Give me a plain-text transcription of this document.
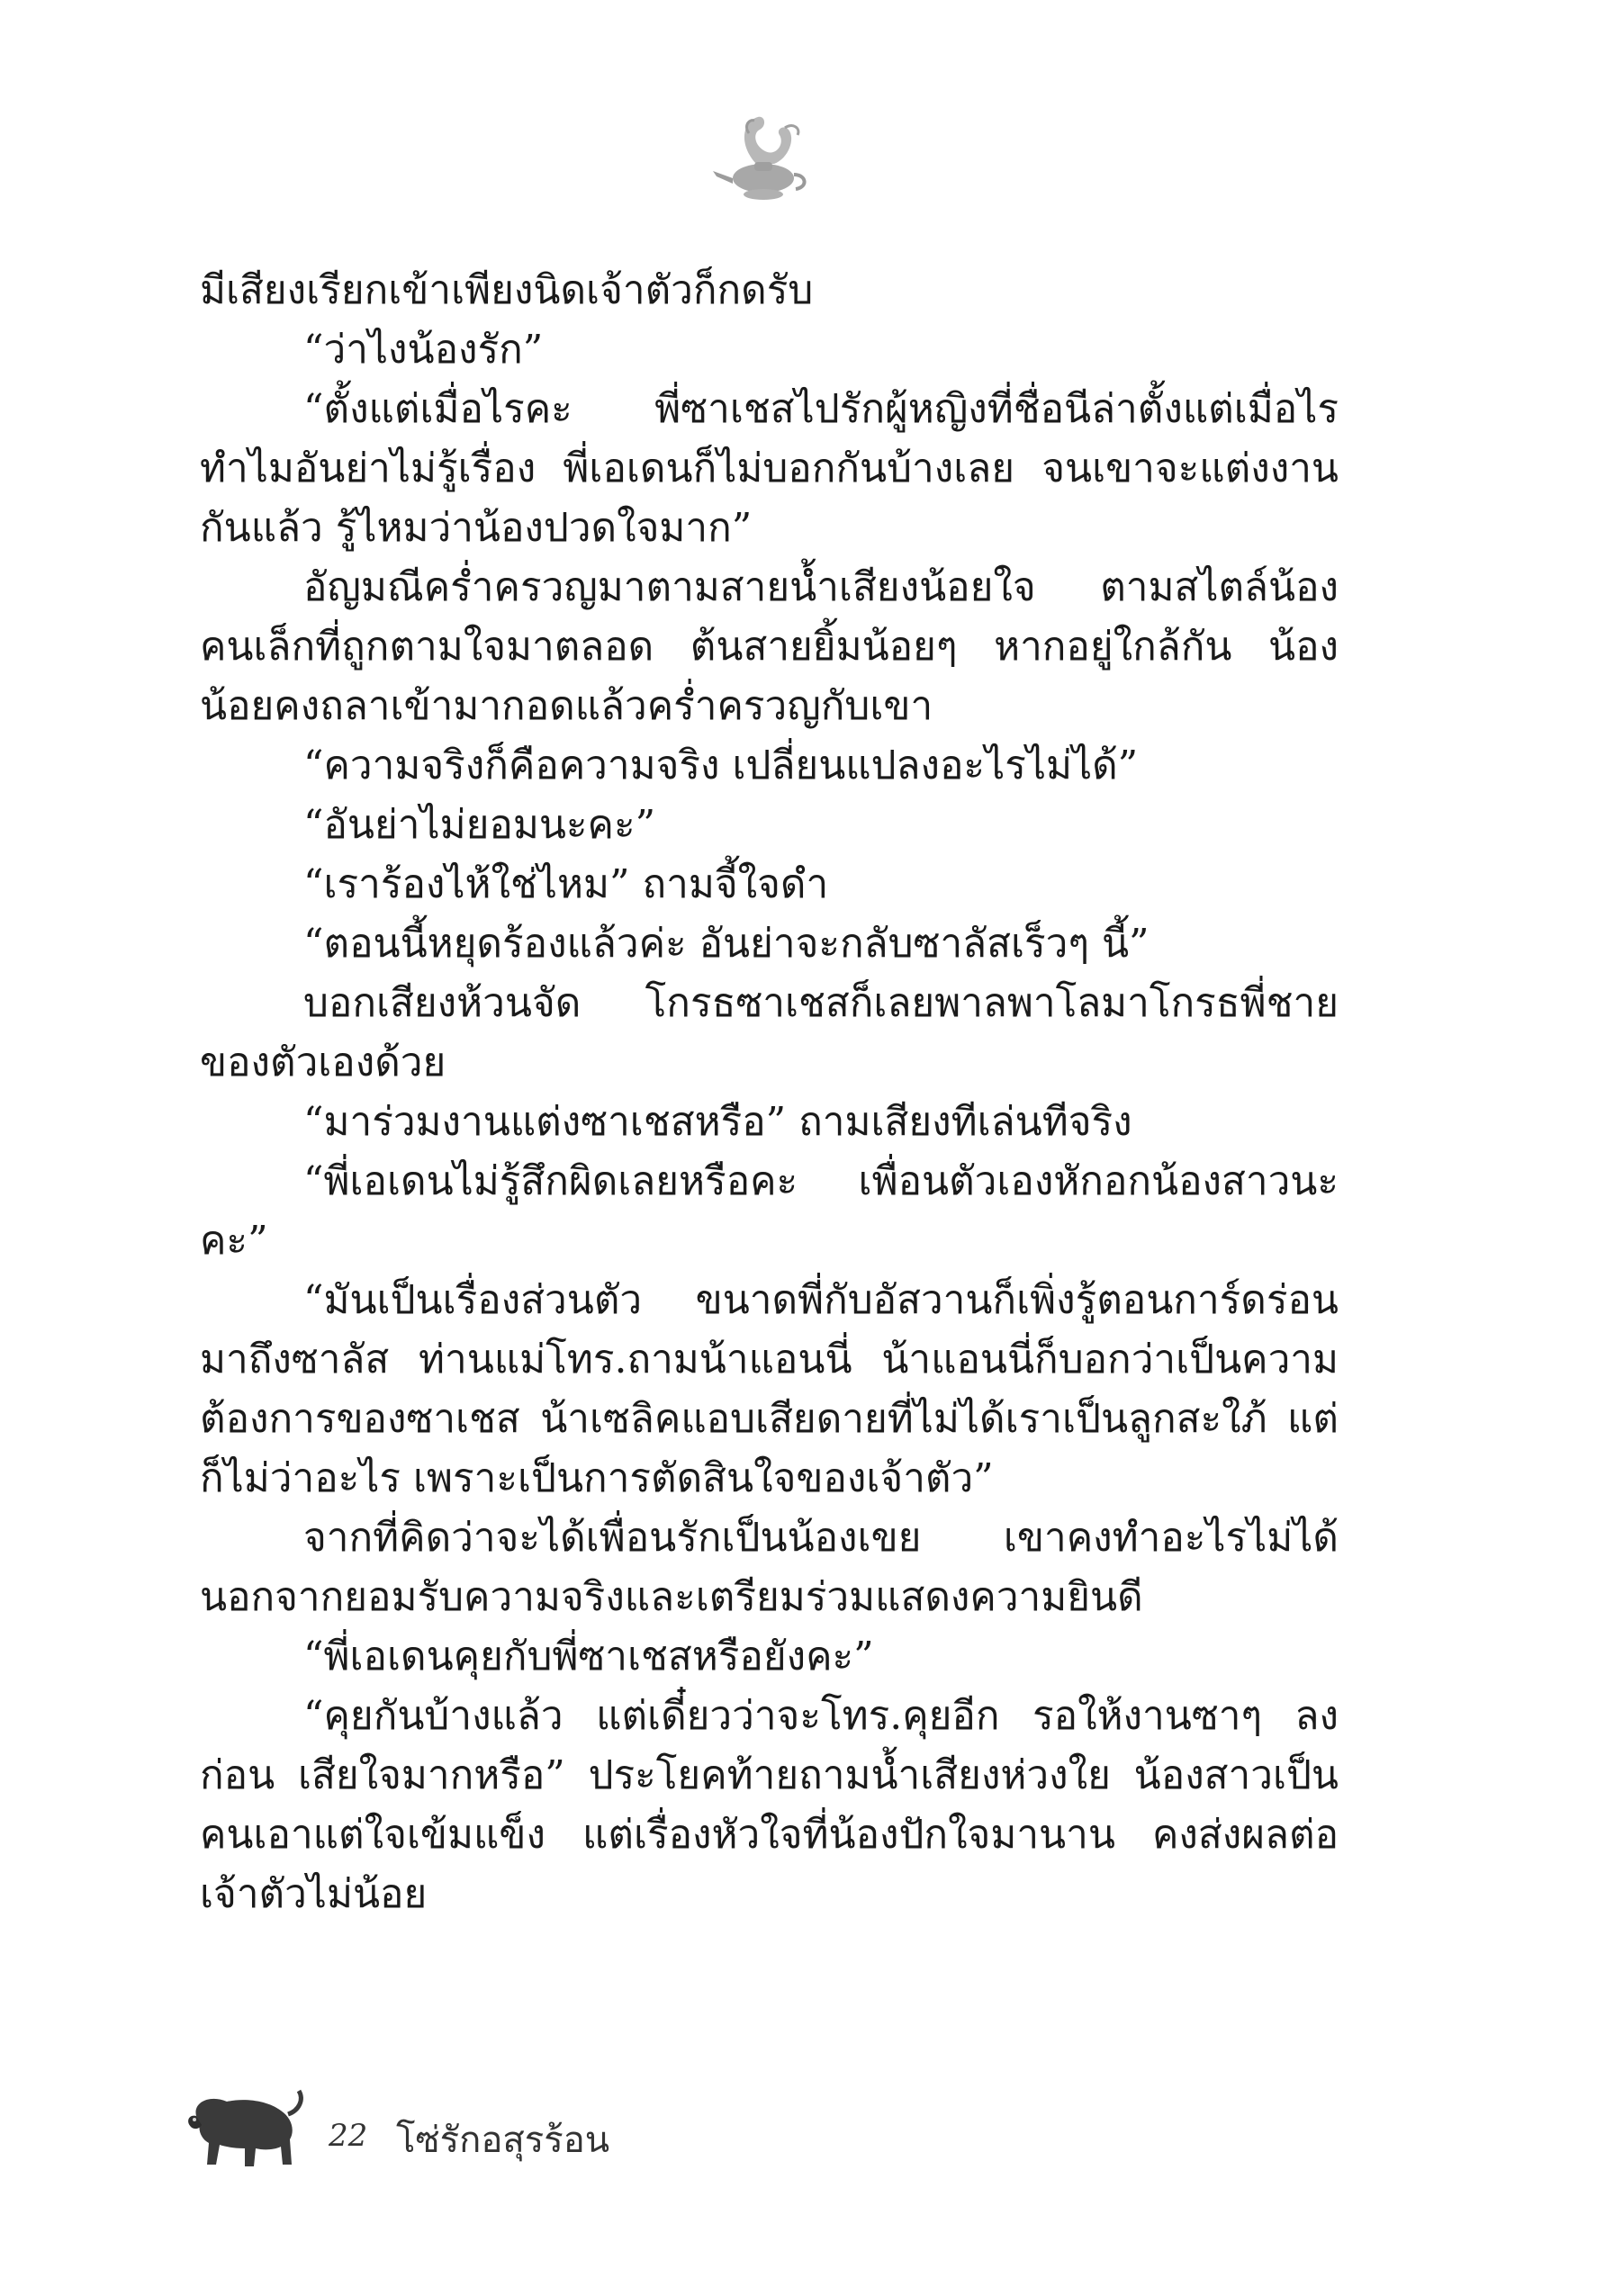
มีเสียงเรียกเข้าเพียงนิดเจ้าตัวก็กดรับ

“ว่าไงน้องรัก”

“ตั้งแต่เมื่อไรคะ พี่ซาเชสไปรักผู้หญิงที่ชื่อนีล่าตั้งแต่เมื่อไร ทำไมอันย่าไม่รู้เรื่อง พี่เอเดนก็ไม่บอกกันบ้างเลย จนเขาจะแต่งงานกันแล้ว รู้ไหมว่าน้องปวดใจมาก”

อัญมณีคร่ำครวญมาตามสายน้ำเสียงน้อยใจ ตามสไตล์น้องคนเล็กที่ถูกตามใจมาตลอด ต้นสายยิ้มน้อยๆ หากอยู่ใกล้กัน น้องน้อยคงถลาเข้ามากอดแล้วคร่ำครวญกับเขา

“ความจริงก็คือความจริง เปลี่ยนแปลงอะไรไม่ได้”

“อันย่าไม่ยอมนะคะ”

“เราร้องไห้ใช่ไหม” ถามจี้ใจดำ

“ตอนนี้หยุดร้องแล้วค่ะ อันย่าจะกลับซาลัสเร็วๆ นี้”

บอกเสียงห้วนจัด โกรธซาเชสก็เลยพาลพาโลมาโกรธพี่ชายของตัวเองด้วย

“มาร่วมงานแต่งซาเชสหรือ” ถามเสียงทีเล่นทีจริง

“พี่เอเดนไม่รู้สึกผิดเลยหรือคะ เพื่อนตัวเองหักอกน้องสาวนะคะ”

“มันเป็นเรื่องส่วนตัว ขนาดพี่กับอัสวานก็เพิ่งรู้ตอนการ์ดร่อนมาถึงซาลัส ท่านแม่โทร.ถามน้าแอนนี่ น้าแอนนี่ก็บอกว่าเป็นความต้องการของซาเชส น้าเซลิคแอบเสียดายที่ไม่ได้เราเป็นลูกสะใภ้ แต่ก็ไม่ว่าอะไร เพราะเป็นการตัดสินใจของเจ้าตัว”

จากที่คิดว่าจะได้เพื่อนรักเป็นน้องเขย เขาคงทำอะไรไม่ได้นอกจากยอมรับความจริงและเตรียมร่วมแสดงความยินดี

“พี่เอเดนคุยกับพี่ซาเชสหรือยังคะ”

“คุยกันบ้างแล้ว แต่เดี๋ยวว่าจะโทร.คุยอีก รอให้งานซาๆ ลงก่อน เสียใจมากหรือ” ประโยคท้ายถามน้ำเสียงห่วงใย น้องสาวเป็นคนเอาแต่ใจเข้มแข็ง แต่เรื่องหัวใจที่น้องปักใจมานาน คงส่งผลต่อเจ้าตัวไม่น้อย

22 โซ่รักอสุรร้อน
